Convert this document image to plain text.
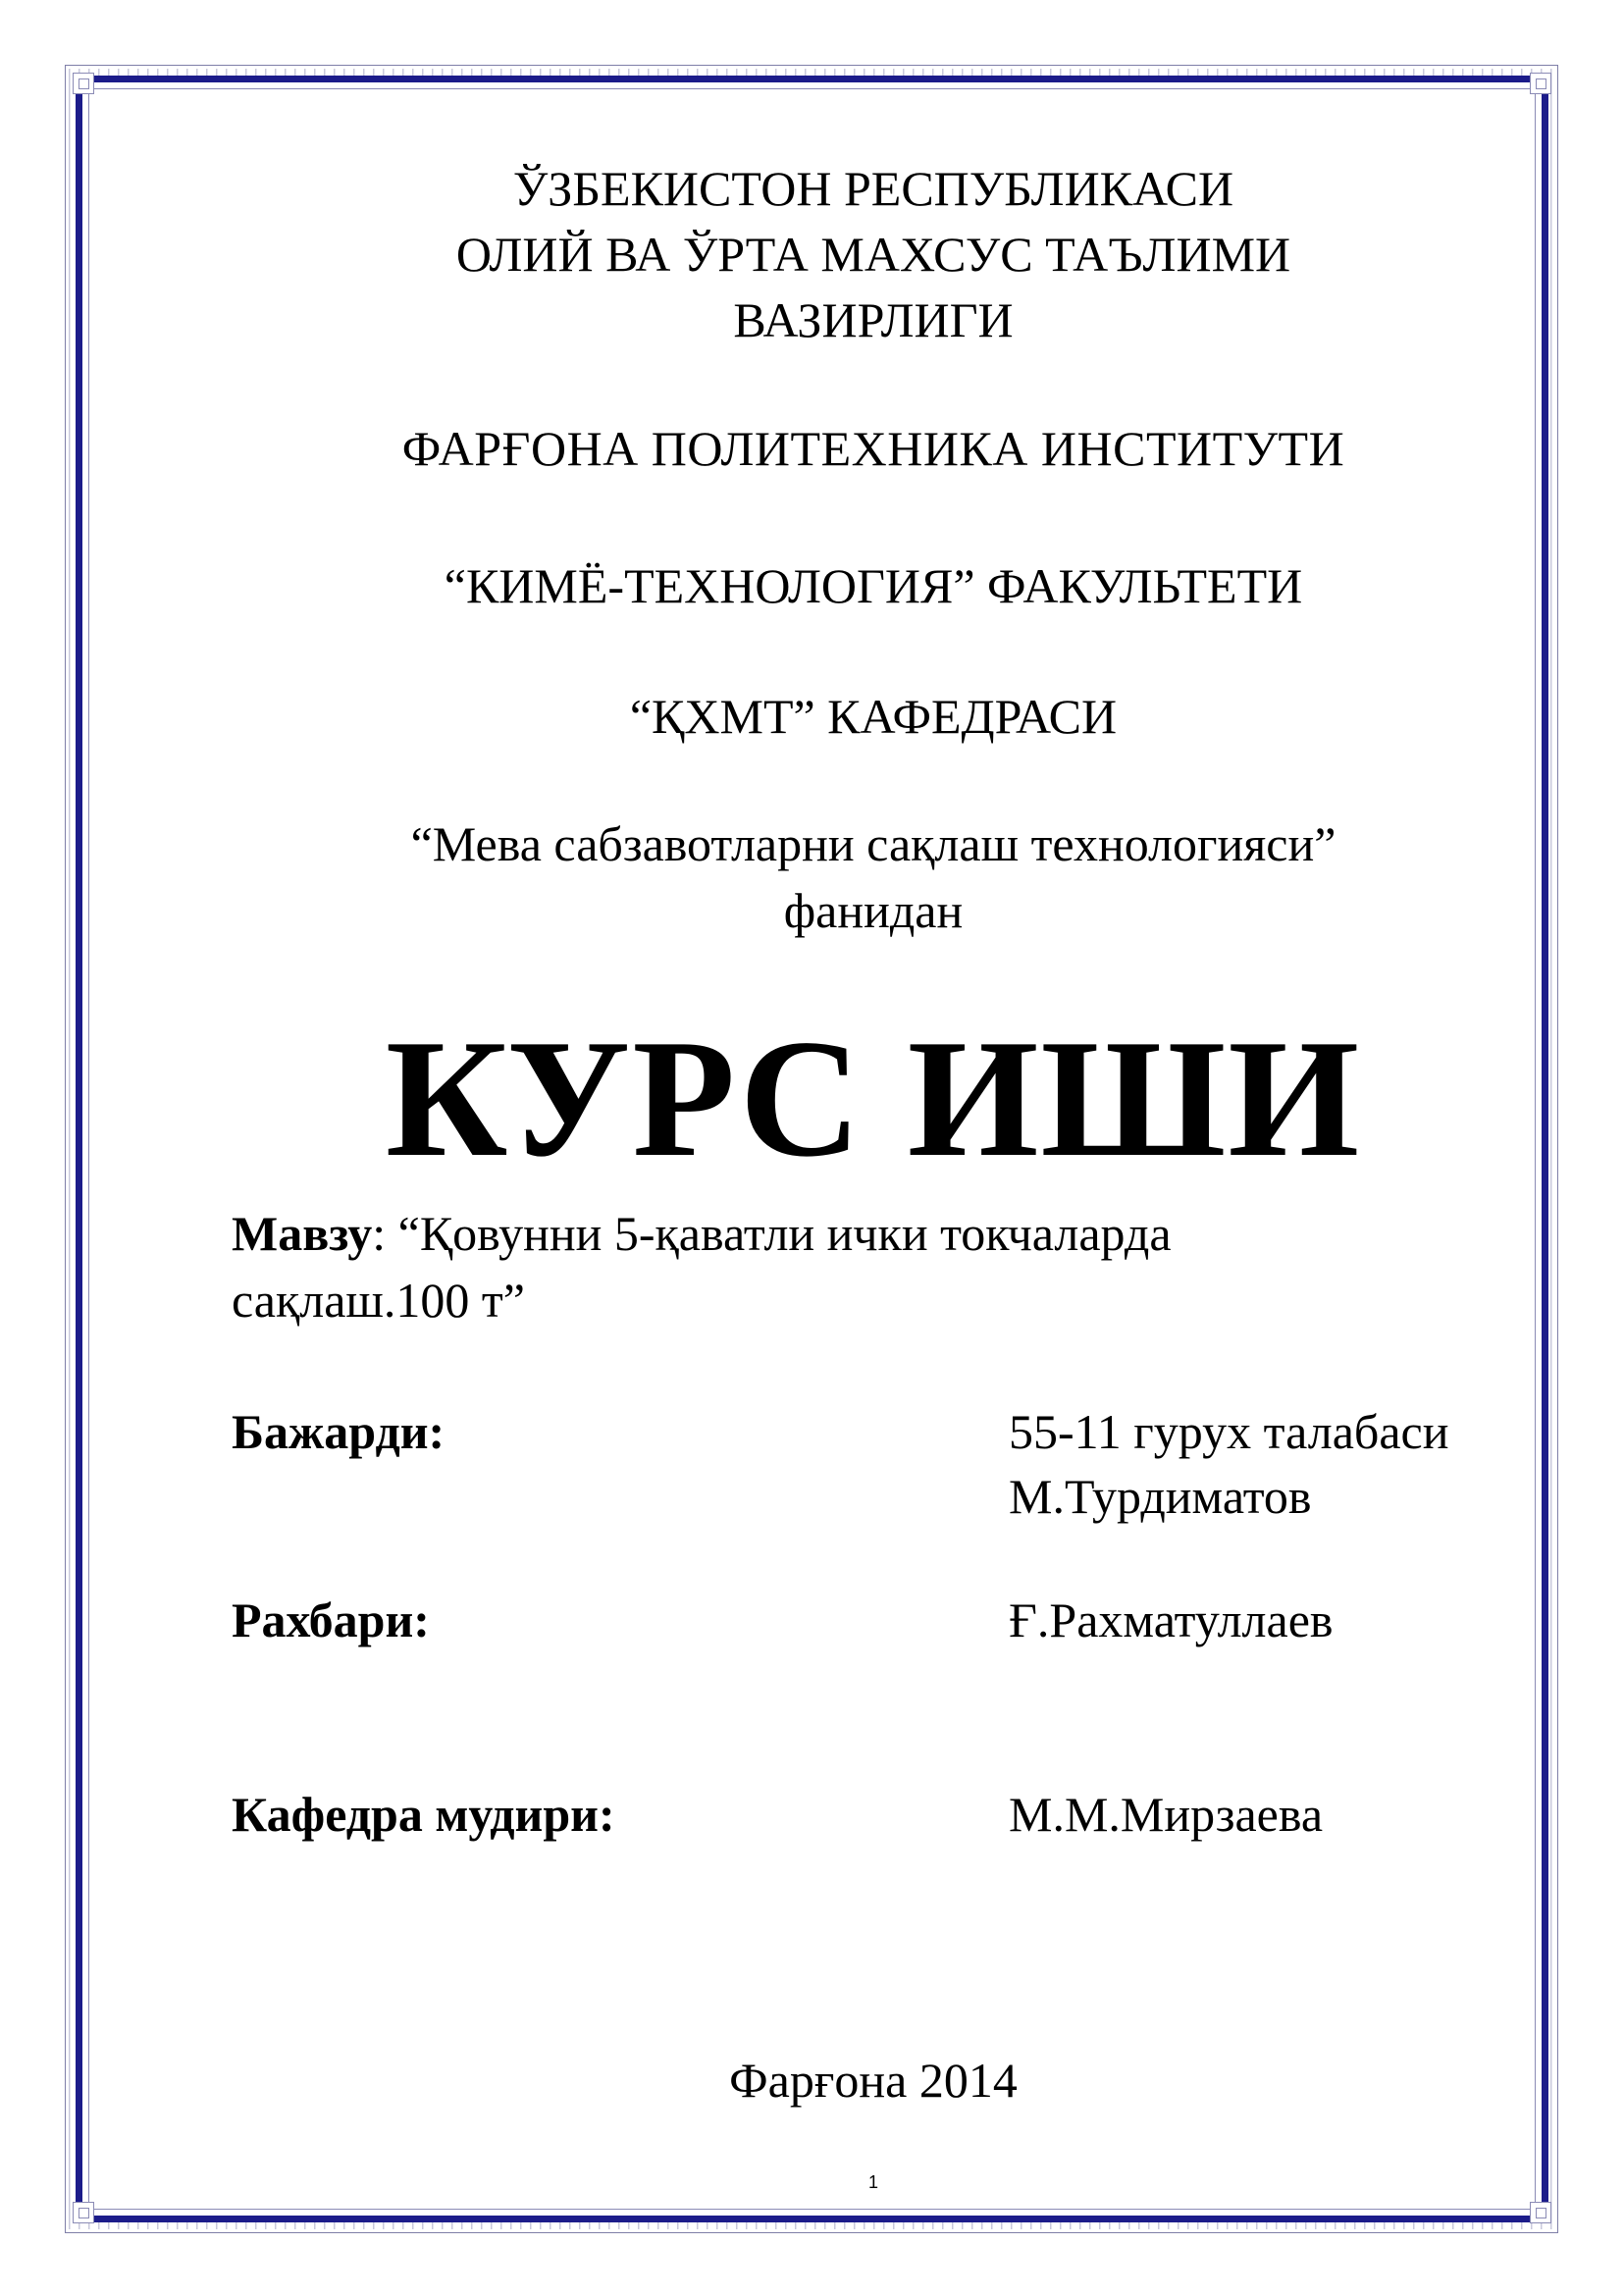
ЎЗБЕКИСТОН РЕСПУБЛИКАСИ
ОЛИЙ ВА ЎРТА МАХСУС ТАЪЛИМИ
ВАЗИРЛИГИ
ФАРҒОНА ПОЛИТЕХНИКА ИНСТИТУТИ
“КИМЁ-ТЕХНОЛОГИЯ” ФАКУЛЬТЕТИ
“ҚХМТ” КАФЕДРАСИ
“Мева сабзавотларни сақлаш технологияси”
фанидан
КУРС ИШИ
Мавзу: “Қовунни 5-қаватли ички токчаларда
сақлаш.100 т”
Бажарди:	55-11 гурух талабаси
М.Турдиматов
Рахбари:	Ғ.Рахматуллаев
Кафедра мудири:	М.М.Мирзаева
Фарғона 2014
1
